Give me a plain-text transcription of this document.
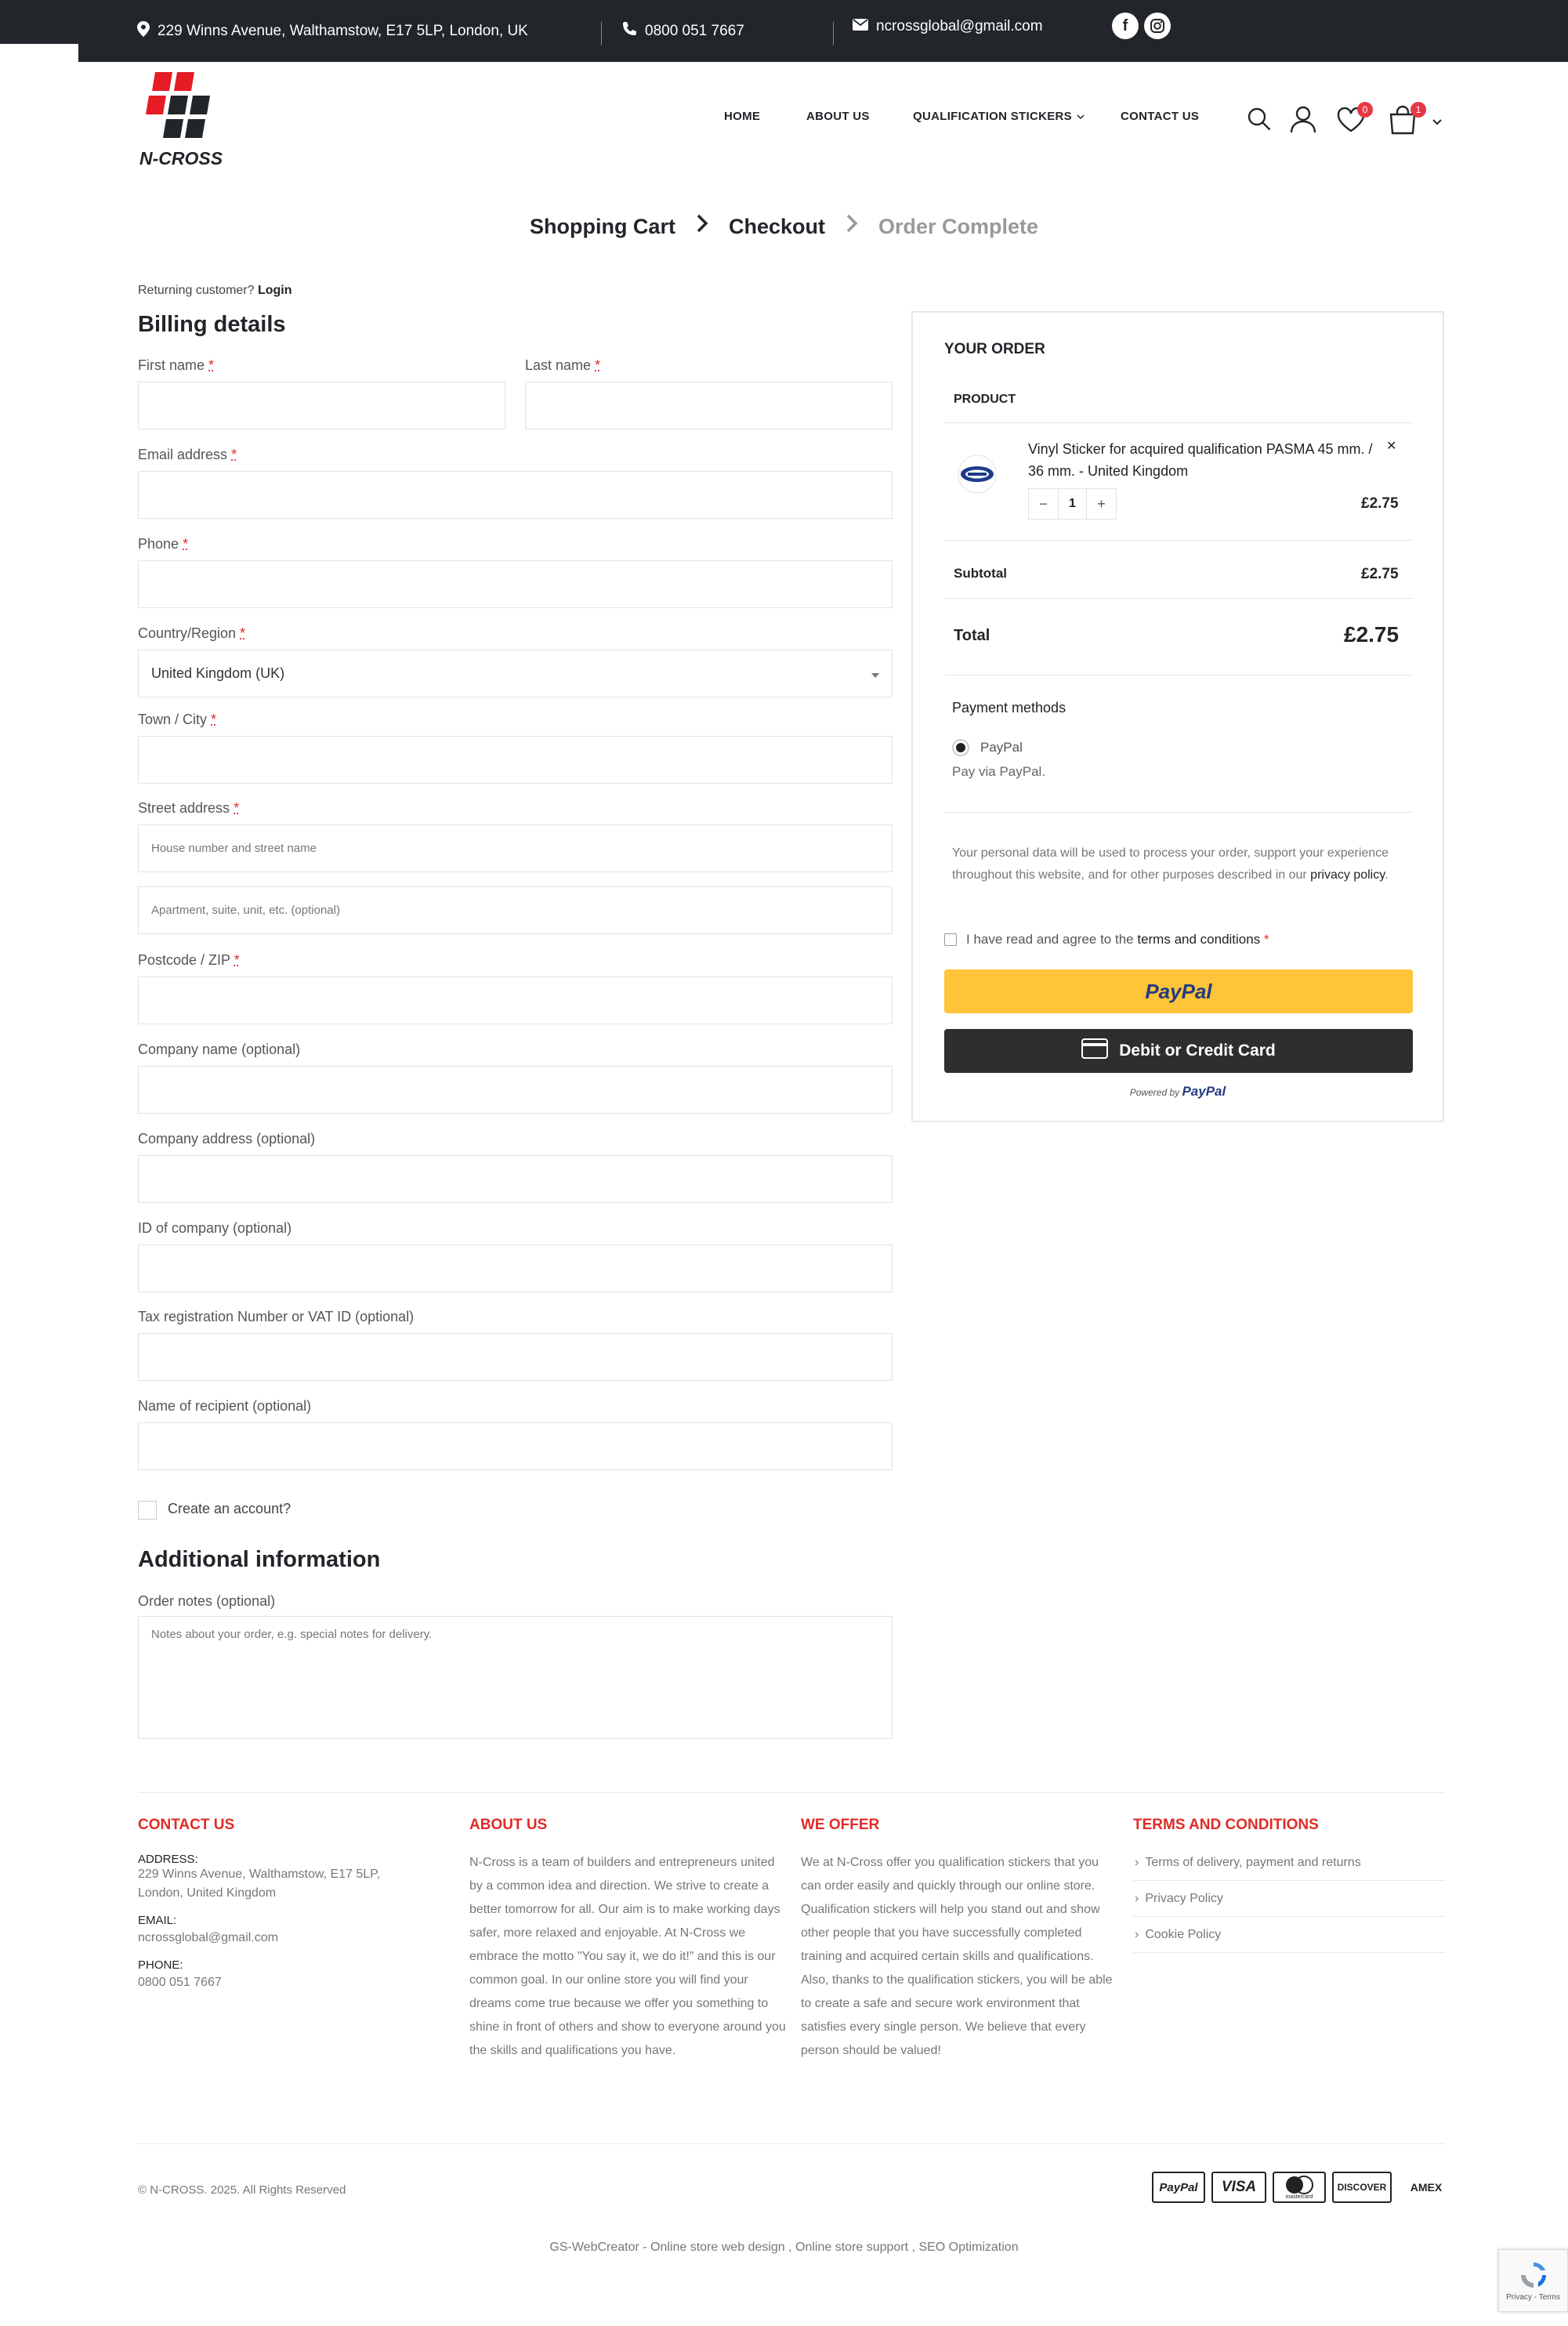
229 Winns Avenue, Walthamstow, E17 5LP, London, UK	0800 051 7667	ncrossglobal@gmail.com	f
N-CROSS
HOME	ABOUT US	QUALIFICATION STICKERS	CONTACT US	0	1
Shopping Cart	Checkout	Order Complete
Returning customer? Login
Billing details
First name *	Last name *
Email address *
Phone *
Country/Region *
United Kingdom (UK)
Town / City *
Street address *
House number and street name
Apartment, suite, unit, etc. (optional)
Postcode / ZIP *
Company name (optional)
Company address (optional)
ID of company (optional)
Tax registration Number or VAT ID (optional)
Name of recipient (optional)
Create an account?
Additional information
Order notes (optional)
Notes about your order, e.g. special notes for delivery.
YOUR ORDER
PRODUCT
Vinyl Sticker for acquired qualification PASMA 45 mm. / 36 mm. - United Kingdom
✕
−	1	+	£2.75
Subtotal	£2.75
Total	£2.75
Payment methods
PayPal
Pay via PayPal.
Your personal data will be used to process your order, support your experience throughout this website, and for other purposes described in our privacy policy.
I have read and agree to the terms and conditions *
PayPal
Debit or Credit Card
Powered by PayPal
CONTACT US
ADDRESS:
229 Winns Avenue, Walthamstow, E17 5LP, London, United Kingdom
EMAIL:
ncrossglobal@gmail.com
PHONE:
0800 051 7667
ABOUT US
N-Cross is a team of builders and entrepreneurs united by a common idea and direction. We strive to create a better tomorrow for all. Our aim is to make working days safer, more relaxed and enjoyable. At N-Cross we embrace the motto "You say it, we do it!" and this is our common goal. In our online store you will find your dreams come true because we offer you something to shine in front of others and show to everyone around you the skills and qualifications you have.
WE OFFER
We at N-Cross offer you qualification stickers that you can order easily and quickly through our online store. Qualification stickers will help you stand out and show other people that you have successfully completed training and acquired certain skills and qualifications. Also, thanks to the qualification stickers, you will be able to create a safe and secure work environment that satisfies every single person. We believe that every person should be valued!
TERMS AND CONDITIONS
› Terms of delivery, payment and returns
› Privacy Policy
› Cookie Policy
© N-CROSS. 2025. All Rights Reserved	PayPal	VISA
mastercard
DISCOVER	AMEX
GS-WebCreator - Online store web design , Online store support , SEO Optimization
Privacy - Terms
